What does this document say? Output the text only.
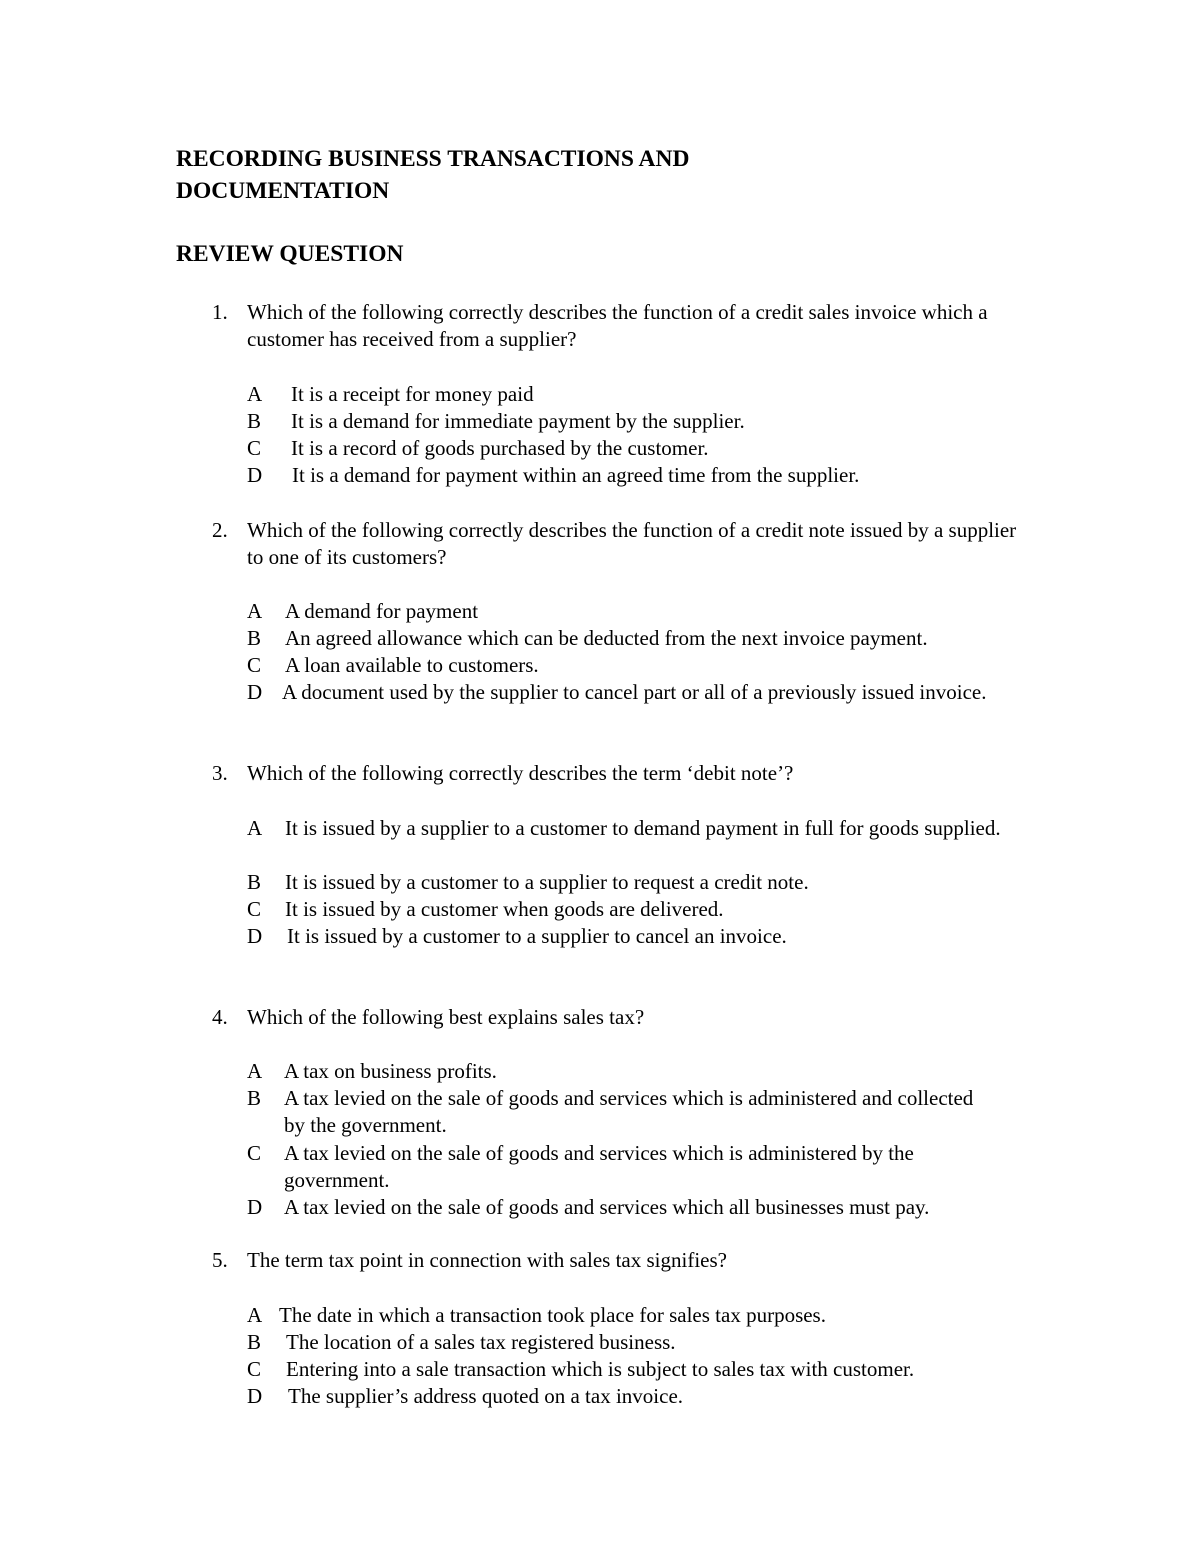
RECORDING BUSINESS TRANSACTIONS AND DOCUMENTATION
REVIEW QUESTION
1. Which of the following correctly describes the function of a credit sales invoice which a customer has received from a supplier?
A It is a receipt for money paid
B It is a demand for immediate payment by the supplier.
C It is a record of goods purchased by the customer.
D It is a demand for payment within an agreed time from the supplier.
2. Which of the following correctly describes the function of a credit note issued by a supplier to one of its customers?
A A demand for payment
B An agreed allowance which can be deducted from the next invoice payment.
C A loan available to customers.
D A document used by the supplier to cancel part or all of a previously issued invoice.
3. Which of the following correctly describes the term ‘debit note’?
A It is issued by a supplier to a customer to demand payment in full for goods supplied.
B It is issued by a customer to a supplier to request a credit note.
C It is issued by a customer when goods are delivered.
D It is issued by a customer to a supplier to cancel an invoice.
4. Which of the following best explains sales tax?
A A tax on business profits.
B A tax levied on the sale of goods and services which is administered and collected by the government.
C A tax levied on the sale of goods and services which is administered by the government.
D A tax levied on the sale of goods and services which all businesses must pay.
5. The term tax point in connection with sales tax signifies?
A The date in which a transaction took place for sales tax purposes.
B The location of a sales tax registered business.
C Entering into a sale transaction which is subject to sales tax with customer.
D The supplier’s address quoted on a tax invoice.
